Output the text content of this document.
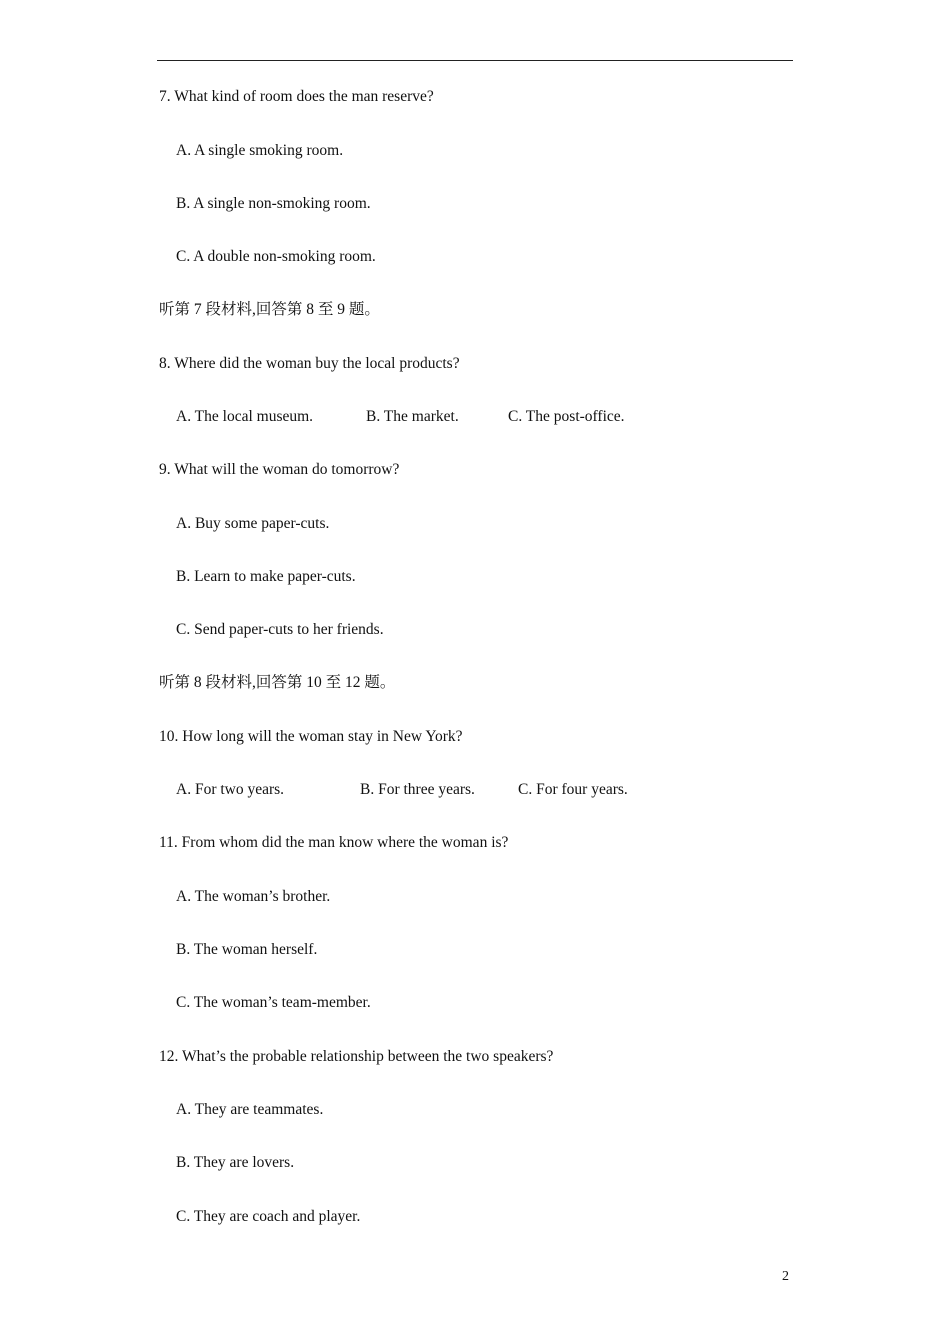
7. What kind of room does the man reserve?
A. A single smoking room.
B. A single non-smoking room.
C. A double non-smoking room.
听第 7 段材料,回答第 8 至 9 题。
8. Where did the woman buy the local products?
A. The local museum.	B. The market.	C. The post-office.
9. What will the woman do tomorrow?
A. Buy some paper-cuts.
B. Learn to make paper-cuts.
C. Send paper-cuts to her friends.
听第 8 段材料,回答第 10 至 12 题。
10. How long will the woman stay in New York?
A. For two years.	B. For three years.	C. For four years.
11. From whom did the man know where the woman is?
A. The woman’s brother.
B. The woman herself.
C. The woman’s team-member.
12. What’s the probable relationship between the two speakers?
A. They are teammates.
B. They are lovers.
C. They are coach and player.
2
